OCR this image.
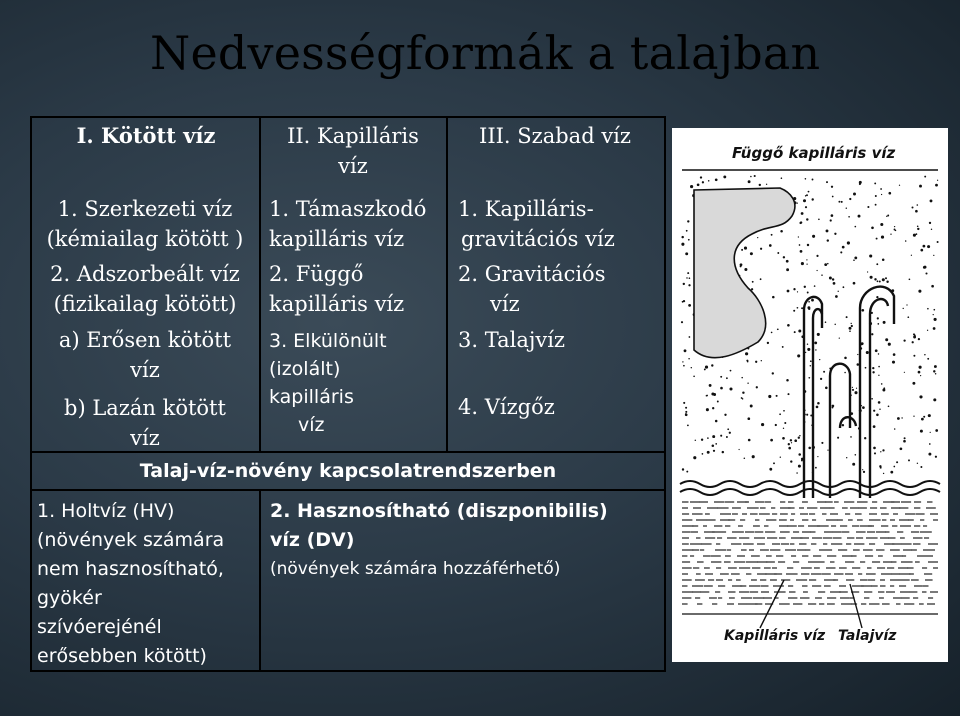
Nedvességformák a talajban
I. Kötött víz
1. Szerkezeti víz
(kémiailag kötött )
2. Adszorbeált víz
(fizikailag kötött)
a) Erősen kötött
víz
b) Lazán kötött
víz
II. Kapilláris
víz
1. Támaszkodó
kapilláris víz
2. Függő
kapilláris víz
3. Elkülönült
(izolált)
kapilláris
víz
III. Szabad víz
1. Kapilláris-
gravitációs víz
2. Gravitációs
víz
3. Talajvíz
4. Vízgőz
Talaj-víz-növény kapcsolatrendszerben
1. Holtvíz (HV)
(növények számára
nem hasznosítható,
gyökér
szívóerejénél
erősebben kötött)
2. Hasznosítható (diszponibilis)
víz (DV)
(növények számára hozzáférhető)
Függő kapilláris víz
Kapilláris víz Talajvíz
